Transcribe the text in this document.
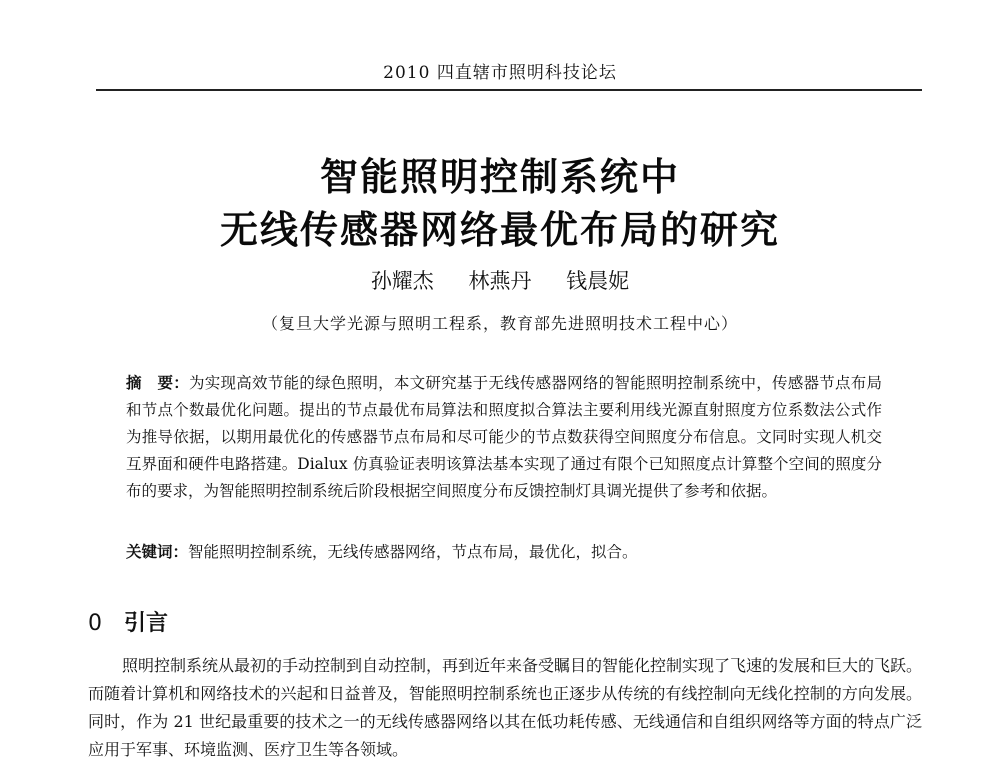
2010 四直辖市照明科技论坛
智能照明控制系统中
无线传感器网络最优布局的研究
孙耀杰 林燕丹 钱晨妮
（复旦大学光源与照明工程系，教育部先进照明技术工程中心）
摘　要：为实现高效节能的绿色照明，本文研究基于无线传感器网络的智能照明控制系统中，传感器节点布局和节点个数最优化问题。提出的节点最优布局算法和照度拟合算法主要利用线光源直射照度方位系数法公式作为推导依据，以期用最优化的传感器节点布局和尽可能少的节点数获得空间照度分布信息。文同时实现人机交互界面和硬件电路搭建。Dialux 仿真验证表明该算法基本实现了通过有限个已知照度点计算整个空间的照度分布的要求，为智能照明控制系统后阶段根据空间照度分布反馈控制灯具调光提供了参考和依据。
关键词：智能照明控制系统，无线传感器网络，节点布局，最优化，拟合。
0 引言
照明控制系统从最初的手动控制到自动控制，再到近年来备受瞩目的智能化控制实现了飞速的发展和巨大的飞跃。而随着计算机和网络技术的兴起和日益普及，智能照明控制系统也正逐步从传统的有线控制向无线化控制的方向发展。同时，作为 21 世纪最重要的技术之一的无线传感器网络以其在低功耗传感、无线通信和自组织网络等方面的特点广泛应用于军事、环境监测、医疗卫生等各领域。
